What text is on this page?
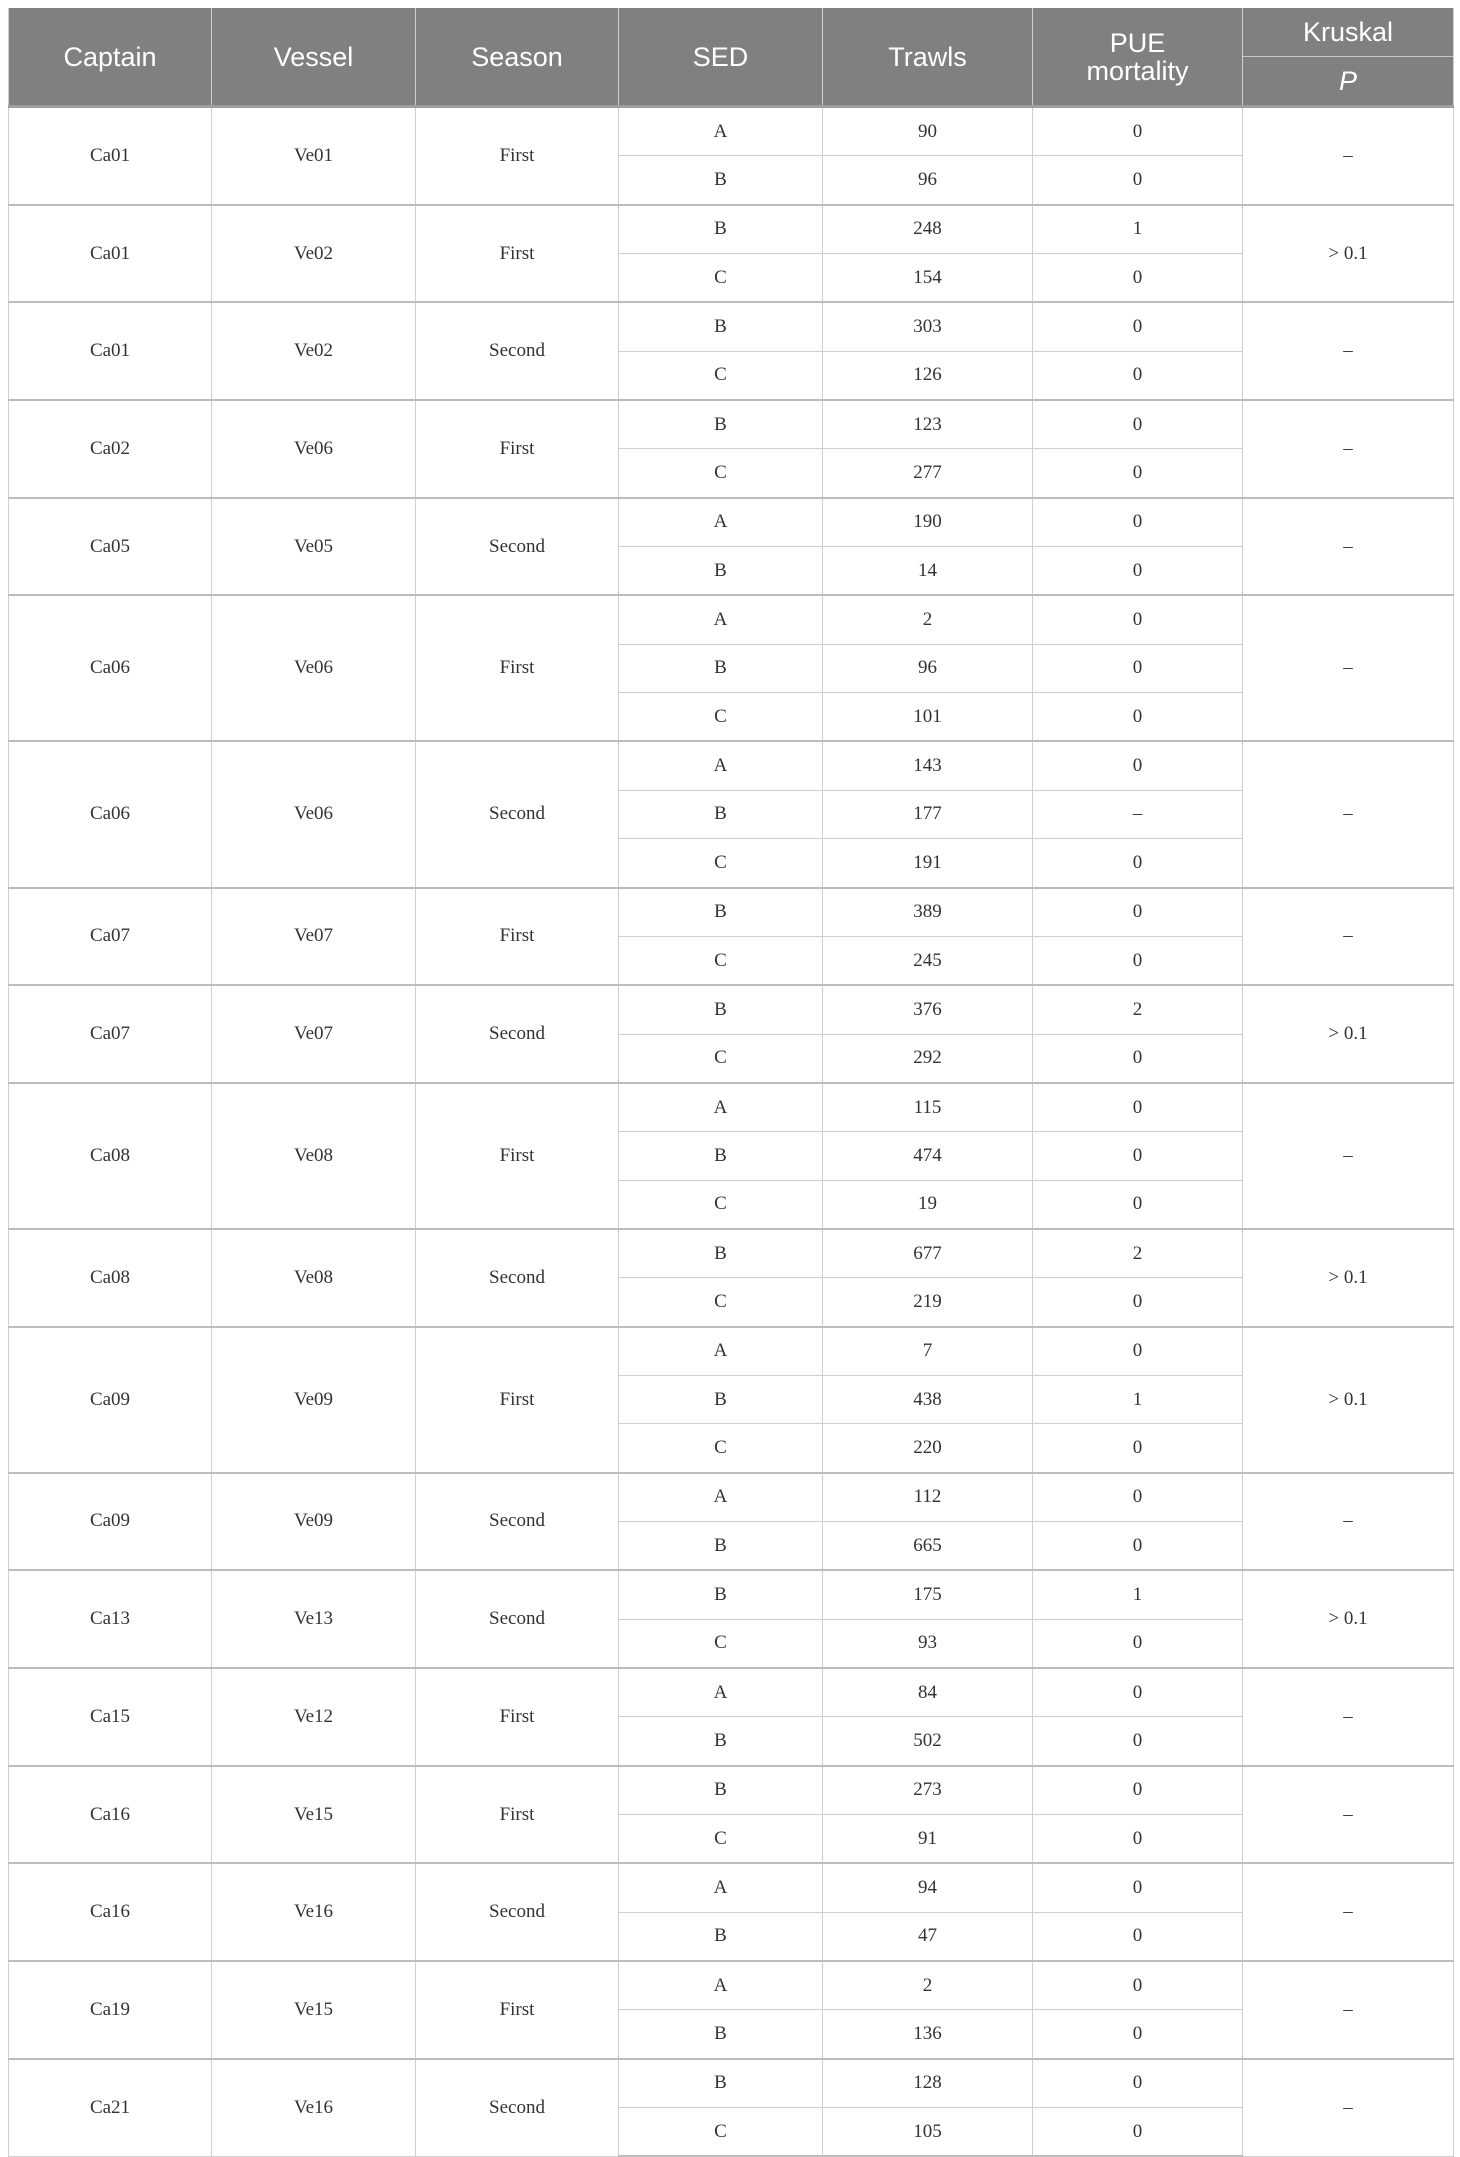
Captain	Vessel	Season	SED	Trawls	PUE mortality	Kruskal
						P
Ca01	Ve01	First	A	90	0	–
			B	96	0	
Ca01	Ve02	First	B	248	1	> 0.1
			C	154	0	
Ca01	Ve02	Second	B	303	0	–
			C	126	0	
Ca02	Ve06	First	B	123	0	–
			C	277	0	
Ca05	Ve05	Second	A	190	0	–
			B	14	0	
Ca06	Ve06	First	A	2	0	–
			B	96	0	
			C	101	0	
Ca06	Ve06	Second	A	143	0	–
			B	177	–	
			C	191	0	
Ca07	Ve07	First	B	389	0	–
			C	245	0	
Ca07	Ve07	Second	B	376	2	> 0.1
			C	292	0	
Ca08	Ve08	First	A	115	0	–
			B	474	0	
			C	19	0	
Ca08	Ve08	Second	B	677	2	> 0.1
			C	219	0	
Ca09	Ve09	First	A	7	0	> 0.1
			B	438	1	
			C	220	0	
Ca09	Ve09	Second	A	112	0	–
			B	665	0	
Ca13	Ve13	Second	B	175	1	> 0.1
			C	93	0	
Ca15	Ve12	First	A	84	0	–
			B	502	0	
Ca16	Ve15	First	B	273	0	–
			C	91	0	
Ca16	Ve16	Second	A	94	0	–
			B	47	0	
Ca19	Ve15	First	A	2	0	–
			B	136	0	
Ca21	Ve16	Second	B	128	0	–
			C	105	0	
